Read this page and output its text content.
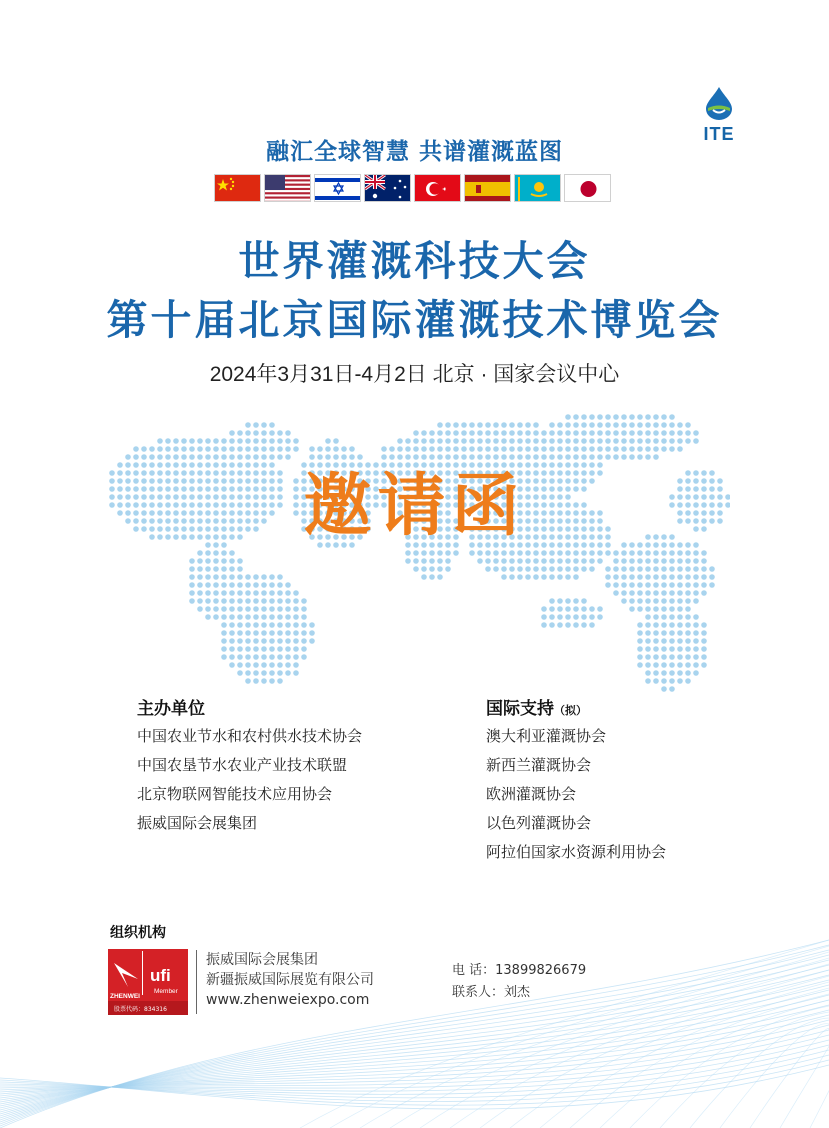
ITE
融汇全球智慧 共谱灌溉蓝图
世界灌溉科技大会
第十届北京国际灌溉技术博览会
2024年3月31日-4月2日 北京 · 国家会议中心
邀请函
主办单位
中国农业节水和农村供水技术协会
中国农垦节水农业产业技术联盟
北京物联网智能技术应用协会
振威国际会展集团
国际支持（拟）
澳大利亚灌溉协会
新西兰灌溉协会
欧洲灌溉协会
以色列灌溉协会
阿拉伯国家水资源利用协会
组织机构
ZHENWEI
ufi
Member
股票代码：834316
振威国际会展集团
新疆振威国际展览有限公司
www.zhenweiexpo.com
电 话：13899826679
联系人：刘杰
